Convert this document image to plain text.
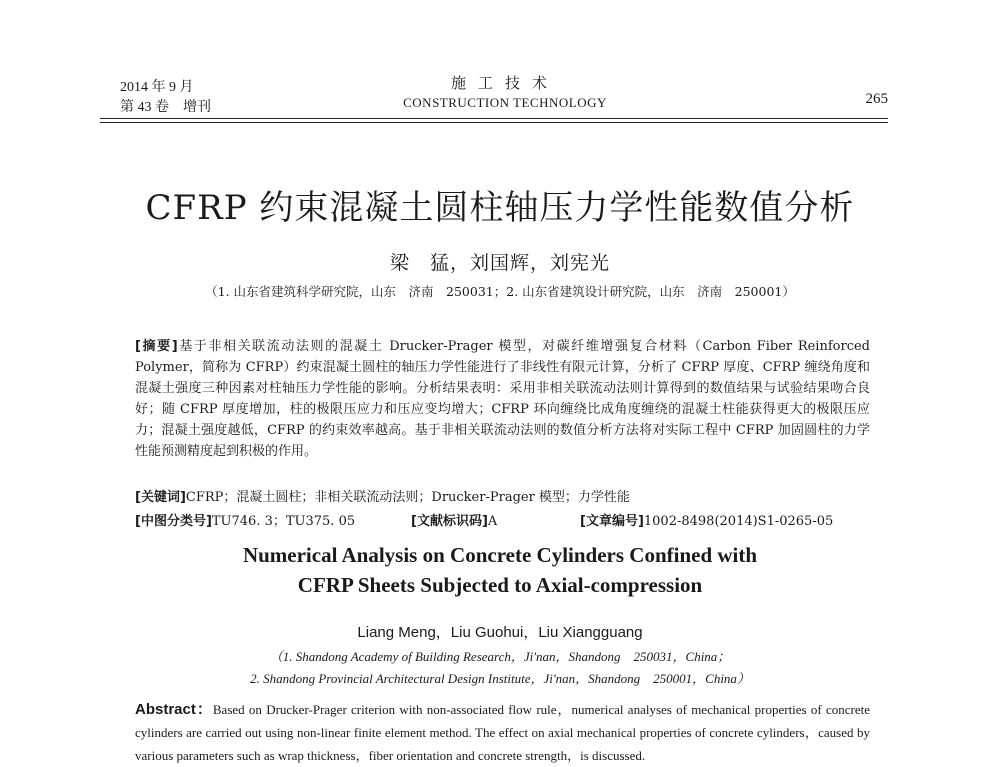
2014 年 9 月
第 43 卷　增刊
施工技术
CONSTRUCTION TECHNOLOGY	265
CFRP 约束混凝土圆柱轴压力学性能数值分析
梁　猛，刘国辉，刘宪光
（1. 山东省建筑科学研究院，山东　济南　250031；2. 山东省建筑设计研究院，山东　济南　250001）
[摘要]基于非相关联流动法则的混凝土 Drucker-Prager 模型，对碳纤维增强复合材料（Carbon Fiber Reinforced Polymer，简称为 CFRP）约束混凝土圆柱的轴压力学性能进行了非线性有限元计算，分析了 CFRP 厚度、CFRP 缠绕角度和混凝土强度三种因素对柱轴压力学性能的影响。分析结果表明：采用非相关联流动法则计算得到的数值结果与试验结果吻合良好；随 CFRP 厚度增加，柱的极限压应力和压应变均增大；CFRP 环向缠绕比成角度缠绕的混凝土柱能获得更大的极限压应力；混凝土强度越低，CFRP 的约束效率越高。基于非相关联流动法则的数值分析方法将对实际工程中 CFRP 加固圆柱的力学性能预测精度起到积极的作用。
[关键词]CFRP；混凝土圆柱；非相关联流动法则；Drucker-Prager 模型；力学性能
[中图分类号]TU746. 3；TU375. 05	[文献标识码]A	[文章编号]1002-8498(2014)S1-0265-05
Numerical Analysis on Concrete Cylinders Confined with
CFRP Sheets Subjected to Axial-compression
Liang Meng，Liu Guohui，Liu Xiangguang
（1. Shandong Academy of Building Research，Ji'nan，Shandong　250031，China；
2. Shandong Provincial Architectural Design Institute，Ji'nan，Shandong　250001，China）
Abstract：Based on Drucker-Prager criterion with non-associated flow rule，numerical analyses of mechanical properties of concrete cylinders are carried out using non-linear finite element method. The effect on axial mechanical properties of concrete cylinders，caused by various parameters such as wrap thickness，fiber orientation and concrete strength，is discussed.
